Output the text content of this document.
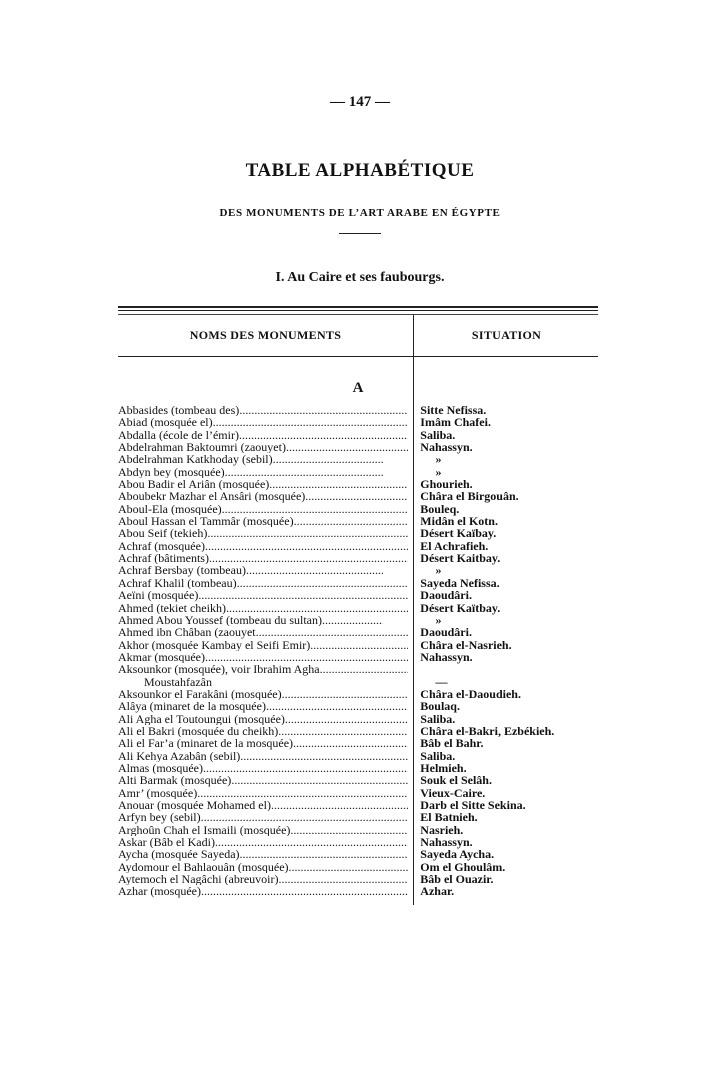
— 147 —
TABLE ALPHABÉTIQUE
DES MONUMENTS DE L’ART ARABE EN ÉGYPTE
I. Au Caire et ses faubourgs.
NOMS DES MONUMENTS	SITUATION
A
Abbasides (tombeau des) .....	Sitte Nefissa.
Abiad (mosquée el) .....	Imâm Chafei.
Abdalla (école de l’émir) .....	Saliba.
Abdelrahman Baktoumri (zaouyet) .....	Nahassyn.
Abdelrahman Katkhoday (sebil) .....	»
Abdyn bey (mosquée) .....	»
Abou Badir el Ariân (mosquée) .....	Ghourieh.
Aboubekr Mazhar el Ansâri (mosquée) .....	Châra el Birgouân.
Aboul-Ela (mosquée) .....	Bouleq.
Aboul Hassan el Tammâr (mosquée) .....	Midân el Kotn.
Abou Seif (tekieh) .....	Désert Kaïbay.
Achraf (mosquée) .....	El Achrafieh.
Achraf (bâtiments) .....	Désert Kaitbay.
Achraf Bersbay (tombeau) .....	»
Achraf Khalil (tombeau) .....	Sayeda Nefissa.
Aeïni (mosquée) .....	Daoudâri.
Ahmed (tekiet cheikh) .....	Désert Kaïtbay.
Ahmed Abou Youssef (tombeau du sultan) .....	»
Ahmed ibn Châban (zaouyet .....	Daoudâri.
Akhor (mosquée Kambay el Seifi Emir) .....	Châra el-Nasrieh.
Akmar (mosquée) .....	Nahassyn.
Aksounkor (mosquée), voir Ibrahim Agha
.....
Moustahfazân	—
Aksounkor el Farakâni (mosquée) .....	Châra el-Daoudieh.
Alâya (minaret de la mosquée) .....	Boulaq.
Ali Agha el Toutoungui (mosquée) .....	Saliba.
Ali el Bakri (mosquée du cheikh) .....	Châra el-Bakri, Ezbékieh.
Ali el Far’a (minaret de la mosquée) .....	Bâb el Bahr.
Ali Kehya Azabân (sebil) .....	Saliba.
Almas (mosquée) .....	Helmieh.
Alti Barmak (mosquée) .....	Souk el Selâh.
Amr’ (mosquée) .....	Vieux-Caire.
Anouar (mosquée Mohamed el) .....	Darb el Sitte Sekina.
Arfyn bey (sebil) .....	El Batnieh.
Arghoûn Chah el Ismaili (mosquée) .....	Nasrieh.
Askar (Bâb el Kadi) .....	Nahassyn.
Aycha (mosquée Sayeda) .....	Sayeda Aycha.
Aydomour el Bahlaouân (mosquée) .....	Om el Ghoulâm.
Aytemoch el Nagâchi (abreuvoir) .....	Bâb el Ouazir.
Azhar (mosquée) .....	Azhar.
